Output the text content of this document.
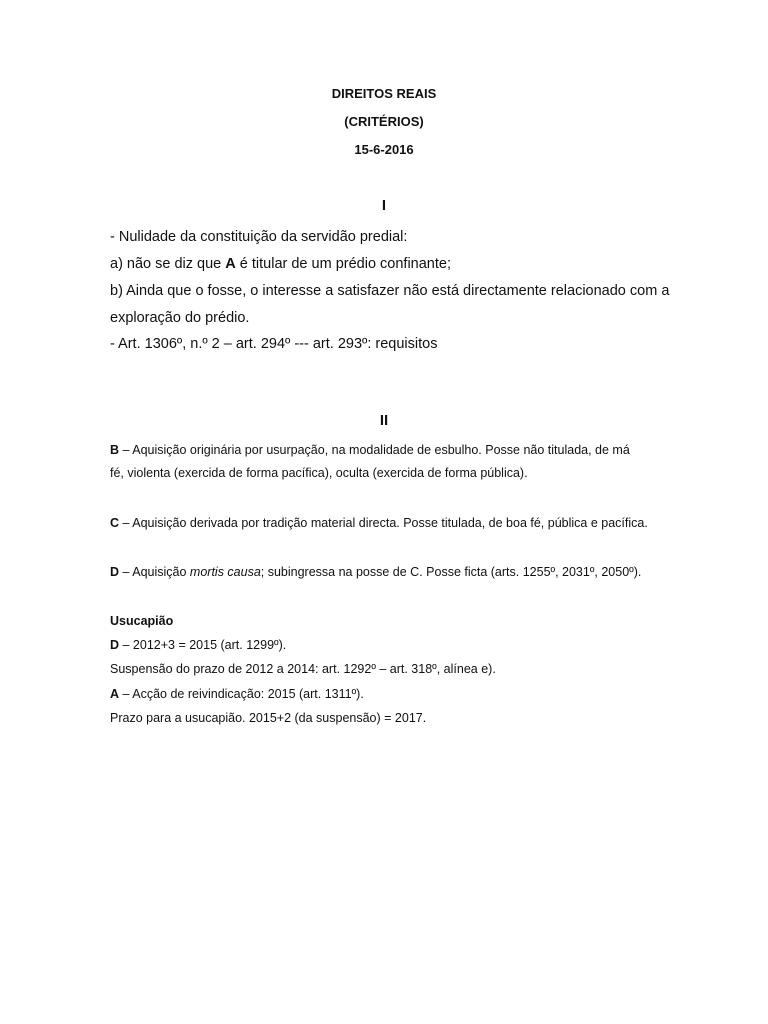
DIREITOS REAIS
(CRITÉRIOS)
15-6-2016
I
- Nulidade da constituição da servidão predial:
a) não se diz que A é titular de um prédio confinante;
b) Ainda que o fosse, o interesse a satisfazer não está directamente relacionado com a
exploração do prédio.
- Art. 1306º, n.º 2 – art. 294º --- art. 293º: requisitos
II
B – Aquisição originária por usurpação, na modalidade de esbulho. Posse não titulada, de má
fé, violenta (exercida de forma pacífica), oculta (exercida de forma pública).
C – Aquisição derivada por tradição material directa. Posse titulada, de boa fé, pública e pacífica.
D – Aquisição mortis causa; subingressa na posse de C. Posse ficta (arts. 1255º, 2031º, 2050º).
Usucapião
D – 2012+3 = 2015 (art. 1299º).
Suspensão do prazo de 2012 a 2014: art. 1292º – art. 318º, alínea e).
A – Acção de reivindicação: 2015 (art. 1311º).
Prazo para a usucapião. 2015+2 (da suspensão) = 2017.
